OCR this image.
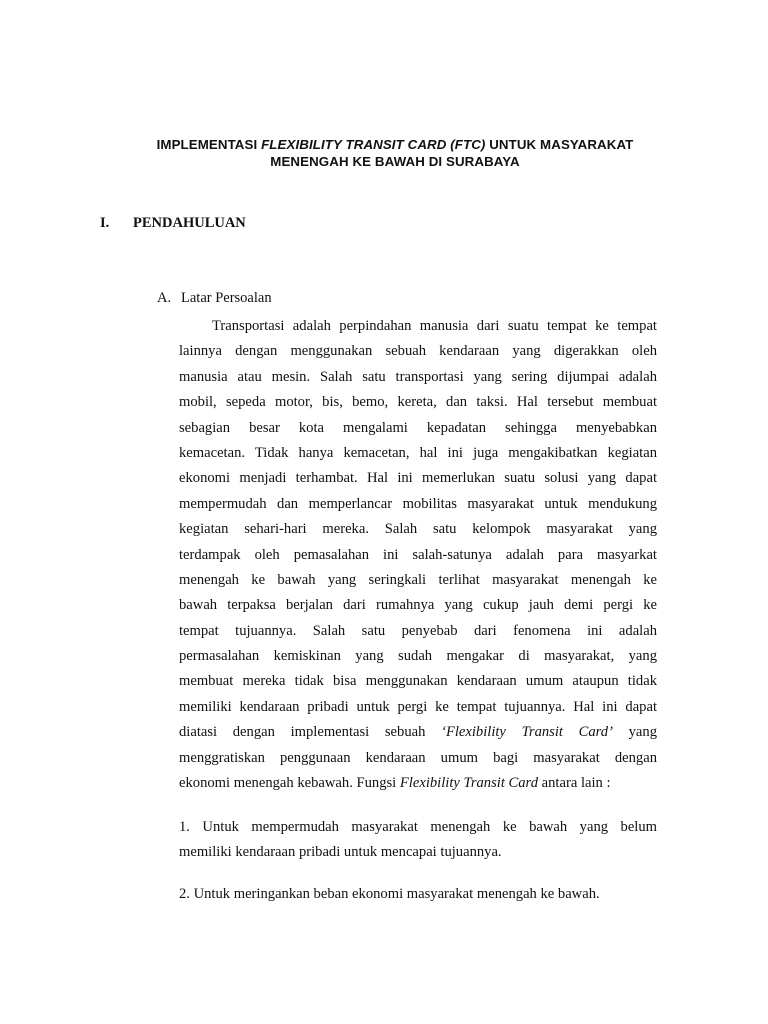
IMPLEMENTASI FLEXIBILITY TRANSIT CARD (FTC) UNTUK MASYARAKAT
MENENGAH KE BAWAH DI SURABAYA
I. PENDAHULUAN
A. Latar Persoalan
Transportasi adalah perpindahan manusia dari suatu tempat ke tempat
lainnya dengan menggunakan sebuah kendaraan yang digerakkan oleh
manusia atau mesin. Salah satu transportasi yang sering dijumpai adalah
mobil, sepeda motor, bis, bemo, kereta, dan taksi. Hal tersebut membuat
sebagian besar kota mengalami kepadatan sehingga menyebabkan
kemacetan. Tidak hanya kemacetan, hal ini juga mengakibatkan kegiatan
ekonomi menjadi terhambat. Hal ini memerlukan suatu solusi yang dapat
mempermudah dan memperlancar mobilitas masyarakat untuk mendukung
kegiatan sehari-hari mereka. Salah satu kelompok masyarakat yang
terdampak oleh pemasalahan ini salah-satunya adalah para masyarkat
menengah ke bawah yang seringkali terlihat masyarakat menengah ke
bawah terpaksa berjalan dari rumahnya yang cukup jauh demi pergi ke
tempat tujuannya. Salah satu penyebab dari fenomena ini adalah
permasalahan kemiskinan yang sudah mengakar di masyarakat, yang
membuat mereka tidak bisa menggunakan kendaraan umum ataupun tidak
memiliki kendaraan pribadi untuk pergi ke tempat tujuannya. Hal ini dapat
diatasi dengan implementasi sebuah ‘Flexibility Transit Card’ yang
menggratiskan penggunaan kendaraan umum bagi masyarakat dengan
ekonomi menengah kebawah. Fungsi Flexibility Transit Card antara lain :
1. Untuk mempermudah masyarakat menengah ke bawah yang belum
memiliki kendaraan pribadi untuk mencapai tujuannya.
2. Untuk meringankan beban ekonomi masyarakat menengah ke bawah.
